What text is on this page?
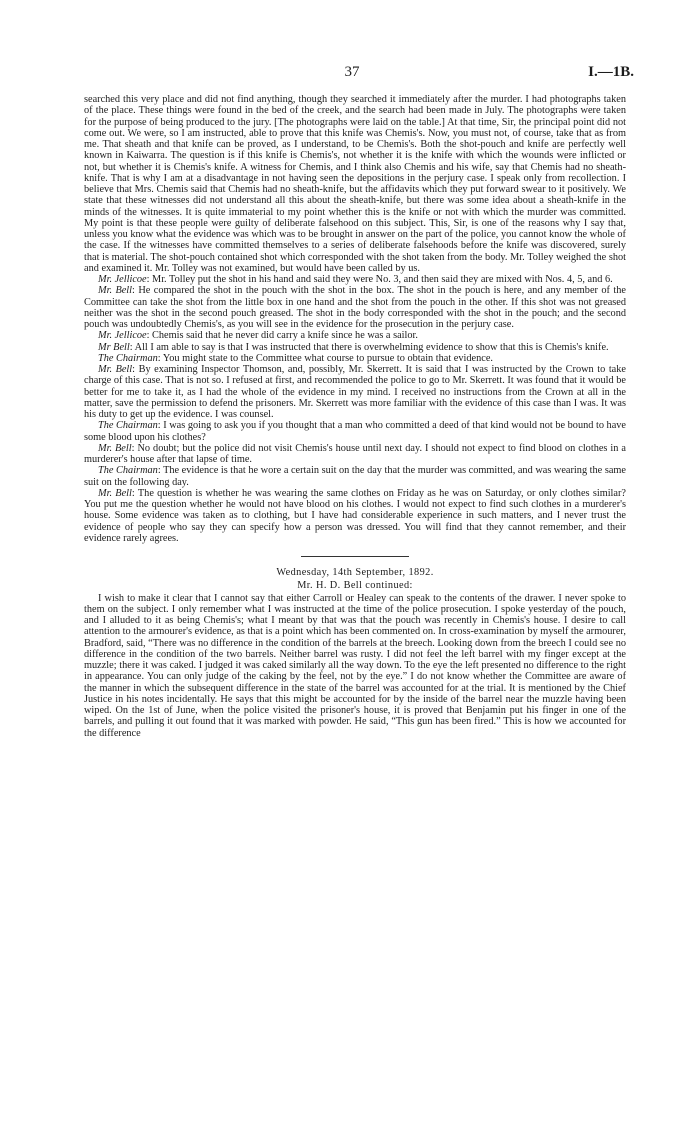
37	I.—1B.

searched this very place and did not find anything, though they searched it immediately after the murder. I had photographs taken of the place. These things were found in the bed of the creek, and the search had been made in July. The photographs were taken for the purpose of being produced to the jury. [The photographs were laid on the table.] At that time, Sir, the principal point did not come out. We were, so I am instructed, able to prove that this knife was Chemis's. Now, you must not, of course, take that as from me. That sheath and that knife can be proved, as I understand, to be Chemis's. Both the shot-pouch and knife are perfectly well known in Kaiwarra. The question is if this knife is Chemis's, not whether it is the knife with which the wounds were inflicted or not, but whether it is Chemis's knife. A witness for Chemis, and I think also Chemis and his wife, say that Chemis had no sheath-knife. That is why I am at a disadvantage in not having seen the depositions in the perjury case. I speak only from recollection. I believe that Mrs. Chemis said that Chemis had no sheath-knife, but the affidavits which they put forward swear to it positively. We state that these witnesses did not understand all this about the sheath-knife, but there was some idea about a sheath-knife in the minds of the witnesses. It is quite immaterial to my point whether this is the knife or not with which the murder was committed. My point is that these people were guilty of deliberate falsehood on this subject. This, Sir, is one of the reasons why I say that, unless you know what the evidence was which was to be brought in answer on the part of the police, you cannot know the whole of the case. If the witnesses have committed themselves to a series of deliberate falsehoods before the knife was discovered, surely that is material. The shot-pouch contained shot which corresponded with the shot taken from the body. Mr. Tolley weighed the shot and examined it. Mr. Tolley was not examined, but would have been called by us.

Mr. Jellicoe: Mr. Tolley put the shot in his hand and said they were No. 3, and then said they are mixed with Nos. 4, 5, and 6.

Mr. Bell: He compared the shot in the pouch with the shot in the box. The shot in the pouch is here, and any member of the Committee can take the shot from the little box in one hand and the shot from the pouch in the other. If this shot was not greased neither was the shot in the second pouch greased. The shot in the body corresponded with the shot in the pouch; and the second pouch was undoubtedly Chemis's, as you will see in the evidence for the prosecution in the perjury case.

Mr. Jellicoe: Chemis said that he never did carry a knife since he was a sailor.

Mr Bell: All I am able to say is that I was instructed that there is overwhelming evidence to show that this is Chemis's knife.

The Chairman: You might state to the Committee what course to pursue to obtain that evidence.

Mr. Bell: By examining Inspector Thomson, and, possibly, Mr. Skerrett. It is said that I was instructed by the Crown to take charge of this case. That is not so. I refused at first, and recommended the police to go to Mr. Skerrett. It was found that it would be better for me to take it, as I had the whole of the evidence in my mind. I received no instructions from the Crown at all in the matter, save the permission to defend the prisoners. Mr. Skerrett was more familiar with the evidence of this case than I was. It was his duty to get up the evidence. I was counsel.

The Chairman: I was going to ask you if you thought that a man who committed a deed of that kind would not be bound to have some blood upon his clothes?

Mr. Bell: No doubt; but the police did not visit Chemis's house until next day. I should not expect to find blood on clothes in a murderer's house after that lapse of time.

The Chairman: The evidence is that he wore a certain suit on the day that the murder was committed, and was wearing the same suit on the following day.

Mr. Bell: The question is whether he was wearing the same clothes on Friday as he was on Saturday, or only clothes similar? You put me the question whether he would not have blood on his clothes. I would not expect to find such clothes in a murderer's house. Some evidence was taken as to clothing, but I have had considerable experience in such matters, and I never trust the evidence of people who say they can specify how a person was dressed. You will find that they cannot remember, and their evidence rarely agrees.

Wednesday, 14th September, 1892.
Mr. H. D. Bell continued:

I wish to make it clear that I cannot say that either Carroll or Healey can speak to the contents of the drawer. I never spoke to them on the subject. I only remember what I was instructed at the time of the police prosecution. I spoke yesterday of the pouch, and I alluded to it as being Chemis's; what I meant by that was that the pouch was recently in Chemis's house. I desire to call attention to the armourer's evidence, as that is a point which has been commented on. In cross-examination by myself the armourer, Bradford, said, “There was no difference in the condition of the barrels at the breech. Looking down from the breech I could see no difference in the condition of the two barrels. Neither barrel was rusty. I did not feel the left barrel with my finger except at the muzzle; there it was caked. I judged it was caked similarly all the way down. To the eye the left presented no difference to the right in appearance. You can only judge of the caking by the feel, not by the eye.” I do not know whether the Committee are aware of the manner in which the subsequent difference in the state of the barrel was accounted for at the trial. It is mentioned by the Chief Justice in his notes incidentally. He says that this might be accounted for by the inside of the barrel near the muzzle having been wiped. On the 1st of June, when the police visited the prisoner's house, it is proved that Benjamin put his finger in one of the barrels, and pulling it out found that it was marked with powder. He said, “This gun has been fired.” This is how we accounted for the difference
